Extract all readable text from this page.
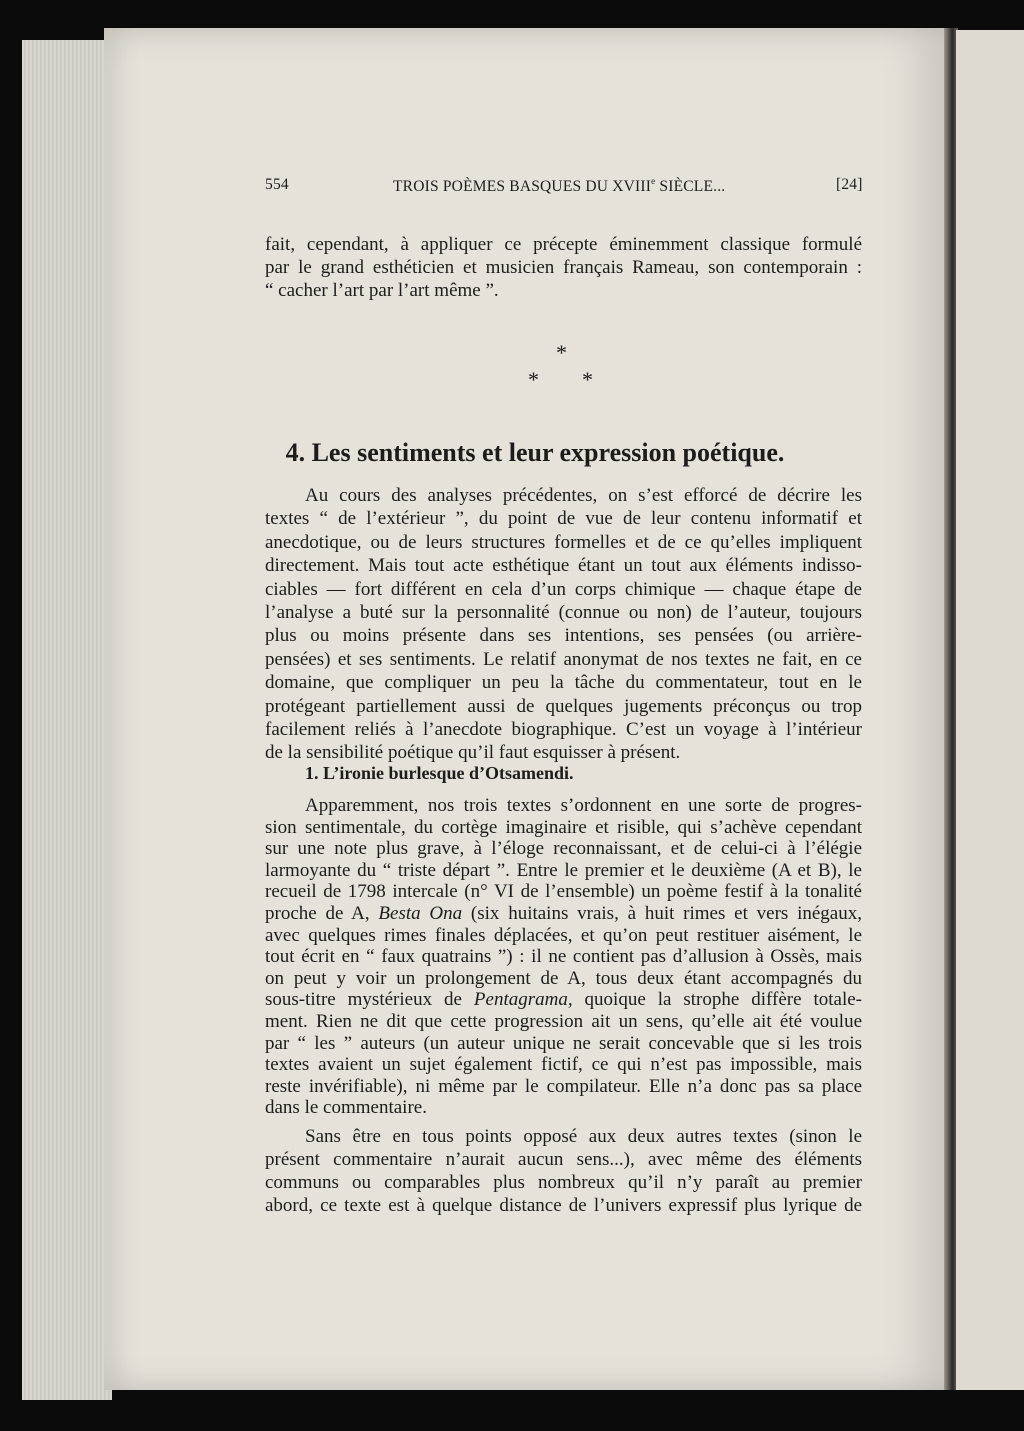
554	TROIS POÈMES BASQUES DU XVIIIe SIÈCLE...	[24]
*
* *
4. Les sentiments et leur expression poétique.
1. L’ironie burlesque d’Otsamendi.
fait, cependant, à appliquer ce précepte éminemment classique formulé
par le grand esthéticien et musicien français Rameau, son contemporain :
“ cacher l’art par l’art même ”.
Au cours des analyses précédentes, on s’est efforcé de décrire les
textes “ de l’extérieur ”, du point de vue de leur contenu informatif et
anecdotique, ou de leurs structures formelles et de ce qu’elles impliquent
directement. Mais tout acte esthétique étant un tout aux éléments indisso-
ciables — fort différent en cela d’un corps chimique — chaque étape de
l’analyse a buté sur la personnalité (connue ou non) de l’auteur, toujours
plus ou moins présente dans ses intentions, ses pensées (ou arrière-
pensées) et ses sentiments. Le relatif anonymat de nos textes ne fait, en ce
domaine, que compliquer un peu la tâche du commentateur, tout en le
protégeant partiellement aussi de quelques jugements préconçus ou trop
facilement reliés à l’anecdote biographique. C’est un voyage à l’intérieur
de la sensibilité poétique qu’il faut esquisser à présent.
Apparemment, nos trois textes s’ordonnent en une sorte de progres-
sion sentimentale, du cortège imaginaire et risible, qui s’achève cependant
sur une note plus grave, à l’éloge reconnaissant, et de celui-ci à l’élégie
larmoyante du “ triste départ ”. Entre le premier et le deuxième (A et B), le
recueil de 1798 intercale (n° VI de l’ensemble) un poème festif à la tonalité
proche de A, Besta Ona (six huitains vrais, à huit rimes et vers inégaux,
avec quelques rimes finales déplacées, et qu’on peut restituer aisément, le
tout écrit en “ faux quatrains ”) : il ne contient pas d’allusion à Ossès, mais
on peut y voir un prolongement de A, tous deux étant accompagnés du
sous-titre mystérieux de Pentagrama, quoique la strophe diffère totale-
ment. Rien ne dit que cette progression ait un sens, qu’elle ait été voulue
par “ les ” auteurs (un auteur unique ne serait concevable que si les trois
textes avaient un sujet également fictif, ce qui n’est pas impossible, mais
reste invérifiable), ni même par le compilateur. Elle n’a donc pas sa place
dans le commentaire.
Sans être en tous points opposé aux deux autres textes (sinon le
présent commentaire n’aurait aucun sens...), avec même des éléments
communs ou comparables plus nombreux qu’il n’y paraît au premier
abord, ce texte est à quelque distance de l’univers expressif plus lyrique de
